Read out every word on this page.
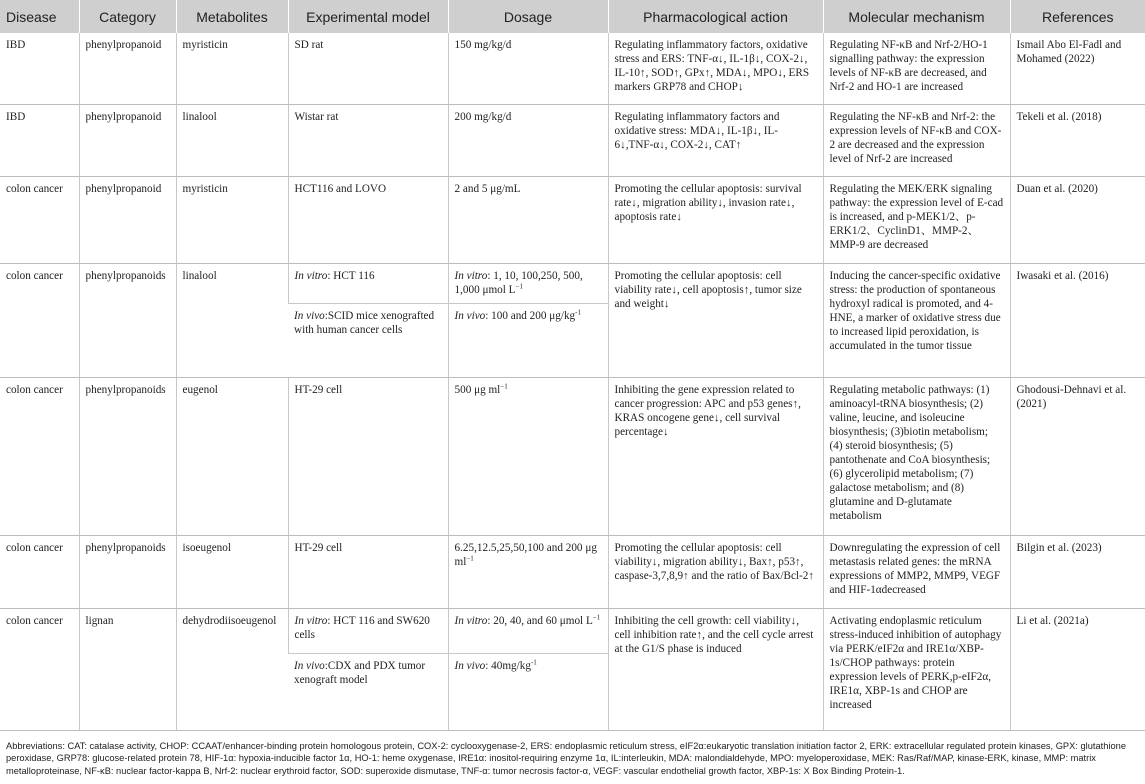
Disease	Category	Metabolites	Experimental model	Dosage	Pharmacological action	Molecular mechanism	References
IBD	phenylpropanoid	myristicin	SD rat	150 mg/kg/d	Regulating inflammatory factors, oxidative stress and ERS: TNF-α↓, IL-1β↓, COX-2↓, IL-10↑, SOD↑, GPx↑, MDA↓, MPO↓, ERS markers GRP78 and CHOP↓	Regulating NF-κB and Nrf-2/HO-1 signalling pathway: the expression levels of NF-κB are decreased, and Nrf-2 and HO-1 are increased	Ismail Abo El-Fadl and Mohamed (2022)
IBD	phenylpropanoid	linalool	Wistar rat	200 mg/kg/d	Regulating inflammatory factors and oxidative stress: MDA↓, IL-1β↓, IL-6↓,TNF-α↓, COX-2↓, CAT↑	Regulating the NF-κB and Nrf-2: the expression levels of NF-κB and COX-2 are decreased and the expression level of Nrf-2 are increased	Tekeli et al. (2018)
colon cancer	phenylpropanoid	myristicin	HCT116 and LOVO	2 and 5 μg/mL	Promoting the cellular apoptosis: survival rate↓, migration ability↓, invasion rate↓, apoptosis rate↓	Regulating the MEK/ERK signaling pathway: the expression level of E-cad is increased, and p-MEK1/2、p-ERK1/2、CyclinD1、MMP-2、MMP-9 are decreased	Duan et al. (2020)
colon cancer	phenylpropanoids	linalool	In vitro: HCT 116	In vitro: 1, 10, 100,250, 500, 1,000 μmol $L^{-1}$	Promoting the cellular apoptosis: cell viability rate↓, cell apoptosis↑, tumor size and weight↓	Inducing the cancer-specific oxidative stress: the production of spontaneous hydroxyl radical is promoted, and 4-HNE, a marker of oxidative stress due to increased lipid peroxidation, is accumulated in the tumor tissue	Iwasaki et al. (2016)
			In vivo:SCID mice xenografted with human cancer cells	In vivo: 100 and 200 $\mu g/kg^{-1}$
colon cancer	phenylpropanoids	eugenol	HT-29 cell	500 μg $ml^{-1}$	Inhibiting the gene expression related to cancer progression: APC and p53 genes↑, KRAS oncogene gene↓, cell survival percentage↓	Regulating metabolic pathways: (1) aminoacyl-tRNA biosynthesis; (2) valine, leucine, and isoleucine biosynthesis; (3)biotin metabolism; (4) steroid biosynthesis; (5) pantothenate and CoA biosynthesis; (6) glycerolipid metabolism; (7) galactose metabolism; and (8) glutamine and D-glutamate metabolism	Ghodousi-Dehnavi et al. (2021)
colon cancer	phenylpropanoids	isoeugenol	HT-29 cell	6.25,12.5,25,50,100 and 200 μg $ml^{-1}$	Promoting the cellular apoptosis: cell viability↓, migration ability↓, Bax↑, p53↑, caspase-3,7,8,9↑ and the ratio of Bax/Bcl-2↑	Downregulating the expression of cell metastasis related genes: the mRNA expressions of MMP2, MMP9, VEGF and HIF-1αdecreased	Bilgin et al. (2023)
colon cancer	lignan	dehydrodiisoeugenol	In vitro: HCT 116 and SW620 cells	In vitro: 20, 40, and 60 μmol $L^{-1}$	Inhibiting the cell growth: cell viability↓, cell inhibition rate↑, and the cell cycle arrest at the G1/S phase is induced	Activating endoplasmic reticulum stress-induced inhibition of autophagy via PERK/eIF2α and IRE1α/XBP-1s/CHOP pathways: protein expression levels of PERK,p-eIF2α, IRE1α, XBP-1s and CHOP are increased	Li et al. (2021a)
			In vivo:CDX and PDX tumor xenograft model	In vivo: $40mg/kg^{-1}$
Abbreviations: CAT: catalase activity, CHOP: CCAAT/enhancer-binding protein homologous protein, COX-2: cyclooxygenase-2, ERS: endoplasmic reticulum stress, eIF2α:eukaryotic translation initiation factor 2, ERK: extracellular regulated protein kinases, GPX: glutathione peroxidase, GRP78: glucose-related protein 78, HIF-1α: hypoxia-inducible factor 1α, HO-1: heme oxygenase, IRE1α: inositol-requiring enzyme 1α, IL:interleukin, MDA: malondialdehyde, MPO: myeloperoxidase, MEK: Ras/Raf/MAP, kinase-ERK, kinase, MMP: matrix metalloproteinase, NF-κB: nuclear factor-kappa B, Nrf-2: nuclear erythroid factor, SOD: superoxide dismutase, TNF-α: tumor necrosis factor-α, VEGF: vascular endothelial growth factor, XBP-1s: X Box Binding Protein-1.
